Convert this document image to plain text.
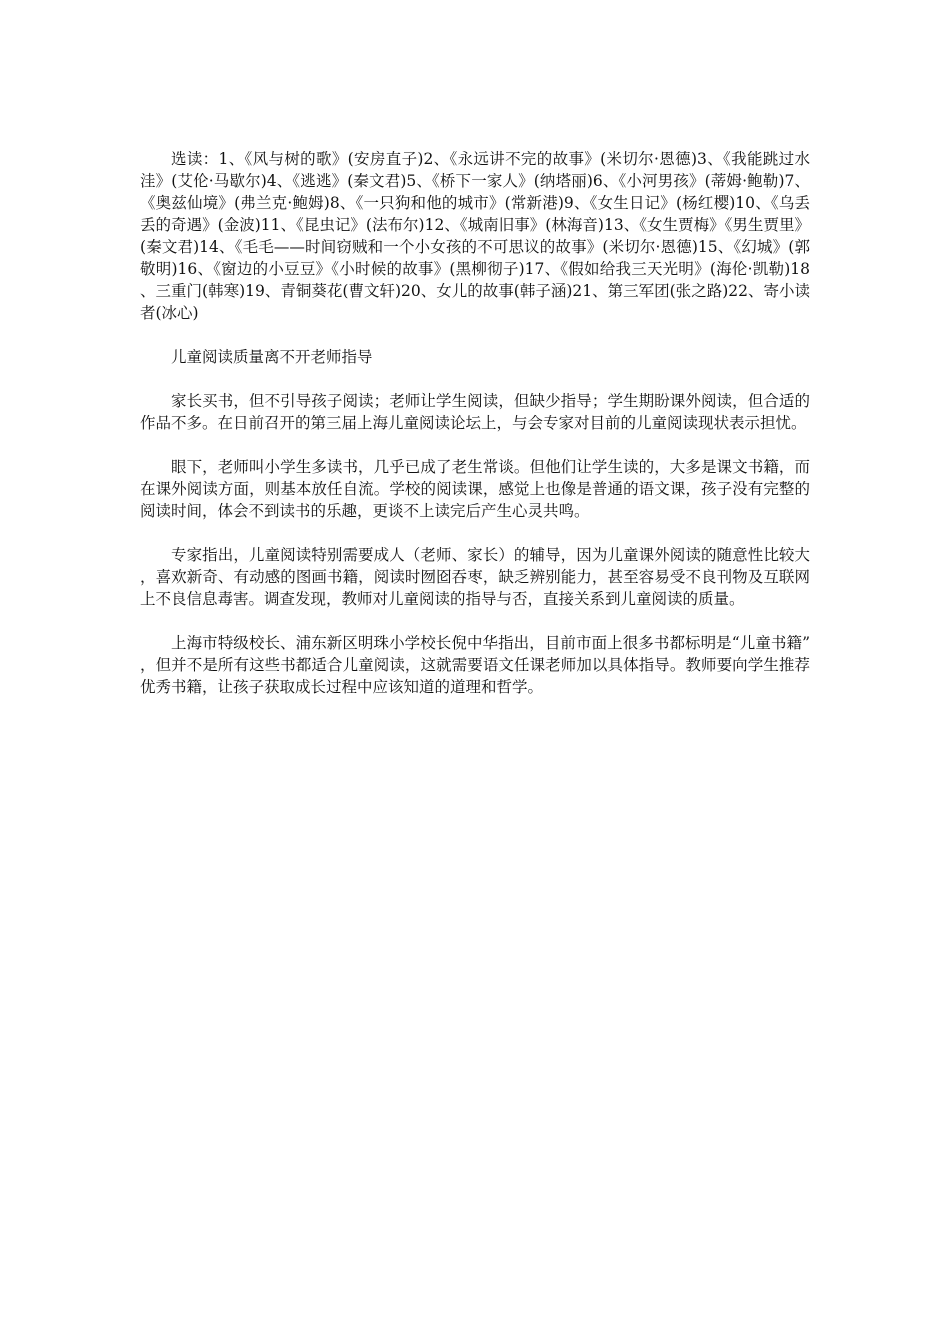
选读：1、《风与树的歌》(安房直子)2、《永远讲不完的故事》(米切尔·恩德)3、《我能跳过水洼》(艾伦·马歇尔)4、《逃逃》(秦文君)5、《桥下一家人》(纳塔丽)6、《小河男孩》(蒂姆·鲍勒)7、《奥兹仙境》(弗兰克·鲍姆)8、《一只狗和他的城市》(常新港)9、《女生日记》(杨红樱)10、《乌丢丢的奇遇》(金波)11、《昆虫记》(法布尔)12、《城南旧事》(林海音)13、《女生贾梅》《男生贾里》(秦文君)14、《毛毛——时间窃贼和一个小女孩的不可思议的故事》(米切尔·恩德)15、《幻城》(郭敬明)16、《窗边的小豆豆》《小时候的故事》(黑柳彻子)17、《假如给我三天光明》(海伦·凯勒)18、三重门(韩寒)19、青铜葵花(曹文轩)20、女儿的故事(韩子涵)21、第三军团(张之路)22、寄小读者(冰心)

儿童阅读质量离不开老师指导

家长买书，但不引导孩子阅读；老师让学生阅读，但缺少指导；学生期盼课外阅读，但合适的作品不多。在日前召开的第三届上海儿童阅读论坛上，与会专家对目前的儿童阅读现状表示担忧。

眼下，老师叫小学生多读书，几乎已成了老生常谈。但他们让学生读的，大多是课文书籍，而在课外阅读方面，则基本放任自流。学校的阅读课，感觉上也像是普通的语文课，孩子没有完整的阅读时间，体会不到读书的乐趣，更谈不上读完后产生心灵共鸣。

专家指出，儿童阅读特别需要成人（老师、家长）的辅导，因为儿童课外阅读的随意性比较大，喜欢新奇、有动感的图画书籍，阅读时囫囵吞枣，缺乏辨别能力，甚至容易受不良刊物及互联网上不良信息毒害。调查发现，教师对儿童阅读的指导与否，直接关系到儿童阅读的质量。

上海市特级校长、浦东新区明珠小学校长倪中华指出，目前市面上很多书都标明是“儿童书籍”，但并不是所有这些书都适合儿童阅读，这就需要语文任课老师加以具体指导。教师要向学生推荐优秀书籍，让孩子获取成长过程中应该知道的道理和哲学。
